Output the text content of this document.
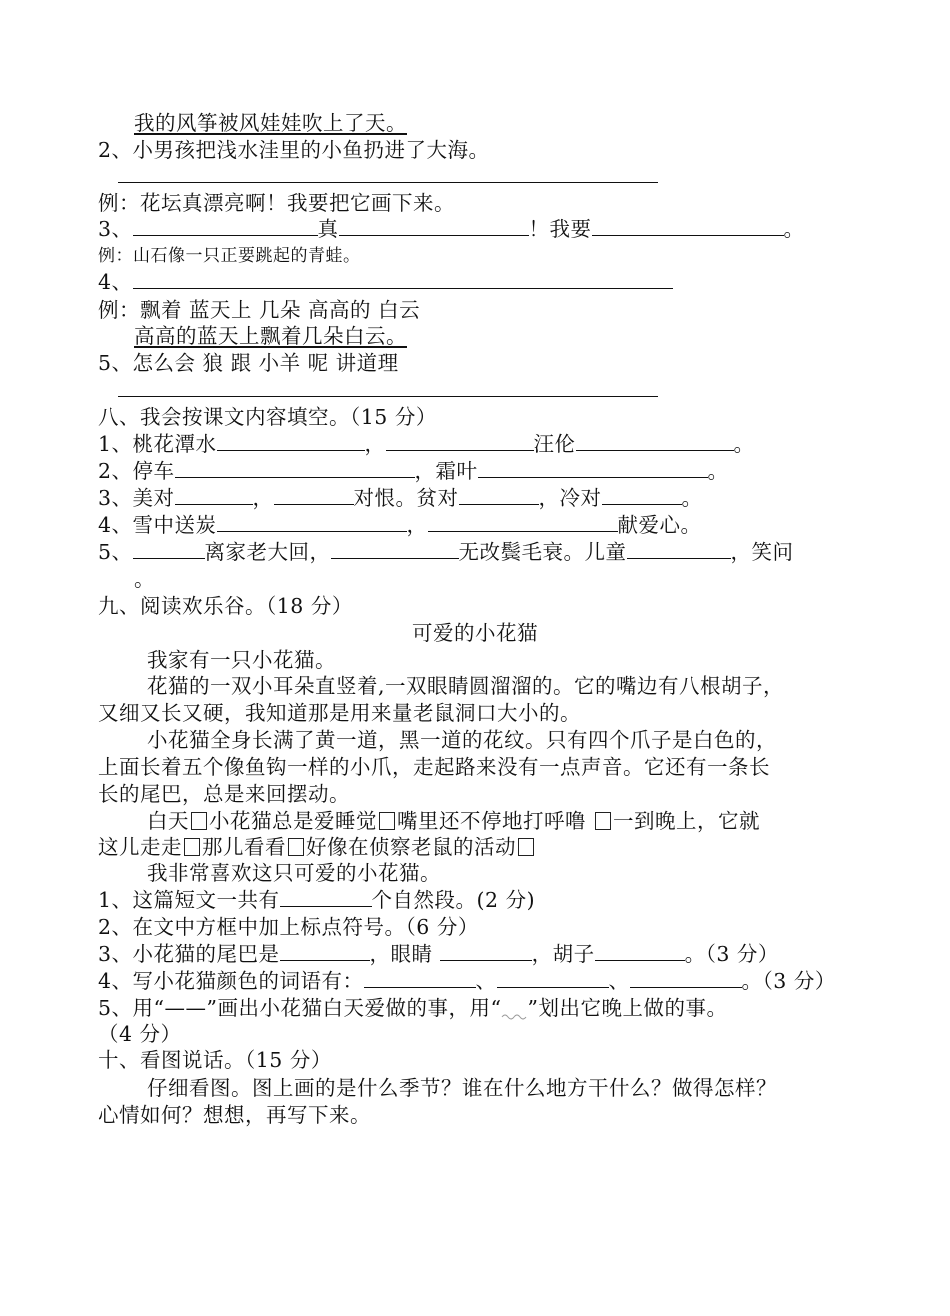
我的风筝被风娃娃吹上了天。
2、小男孩把浅水洼里的小鱼扔进了大海。
例：花坛真漂亮啊！我要把它画下来。
3、	真	！我要	。
例：山石像一只正要跳起的青蛙。
4、
例：飘着 蓝天上 几朵 高高的 白云
高高的蓝天上飘着几朵白云。
5、怎么会 狼 跟 小羊 呢 讲道理
八、我会按课文内容填空。（15 分）
1、桃花潭水	，	汪伦	。
2、停车	，霜叶	。
3、美对	，	对恨。贫对	，冷对	。
4、雪中送炭	，	献爱心。
5、	离家老大回，	无改鬓毛衰。儿童	，笑问
。
九、阅读欢乐谷。（18 分）
可爱的小花猫
我家有一只小花猫。
花猫的一双小耳朵直竖着,一双眼睛圆溜溜的。它的嘴边有八根胡子，
又细又长又硬，我知道那是用来量老鼠洞口大小的。
小花猫全身长满了黄一道，黑一道的花纹。只有四个爪子是白色的，
上面长着五个像鱼钩一样的小爪，走起路来没有一点声音。它还有一条长
长的尾巴，总是来回摆动。
白天 小花猫总是爱睡觉 嘴里还不停地打呼噜 一到晚上，它就
这儿走走 那儿看看 好像在侦察老鼠的活动
我非常喜欢这只可爱的小花猫。
1、这篇短文一共有	个自然段。(2 分)
2、在文中方框中加上标点符号。（6 分）
3、小花猫的尾巴是	，眼睛	，胡子	。（3 分）
4、写小花猫颜色的词语有：	、	、	。（3 分）
5、用“——”画出小花猫白天爱做的事，用“ ”划出它晚上做的事。
（4 分）
十、看图说话。（15 分）
仔细看图。图上画的是什么季节？谁在什么地方干什么？做得怎样？
心情如何？想想，再写下来。
